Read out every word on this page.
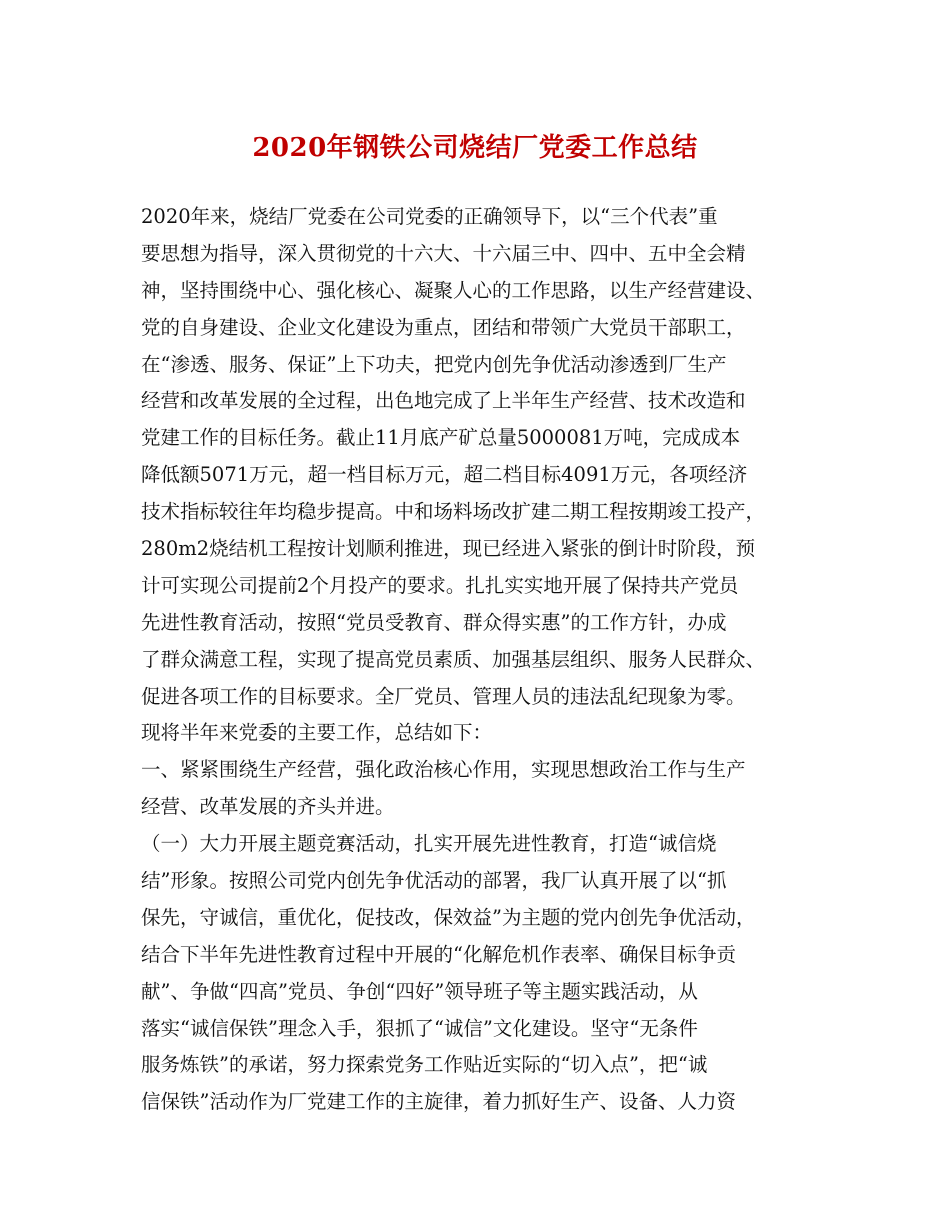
2020年钢铁公司烧结厂党委工作总结
2020年来，烧结厂党委在公司党委的正确领导下，以“三个代表”重
要思想为指导，深入贯彻党的十六大、十六届三中、四中、五中全会精
神，坚持围绕中心、强化核心、凝聚人心的工作思路，以生产经营建设、
党的自身建设、企业文化建设为重点，团结和带领广大党员干部职工，
在“渗透、服务、保证”上下功夫，把党内创先争优活动渗透到厂生产
经营和改革发展的全过程，出色地完成了上半年生产经营、技术改造和
党建工作的目标任务。截止11月底产矿总量5000081万吨，完成成本
降低额5071万元，超一档目标万元，超二档目标4091万元，各项经济
技术指标较往年均稳步提高。中和场料场改扩建二期工程按期竣工投产，
280m2烧结机工程按计划顺利推进，现已经进入紧张的倒计时阶段，预
计可实现公司提前2个月投产的要求。扎扎实实地开展了保持共产党员
先进性教育活动，按照“党员受教育、群众得实惠”的工作方针，办成
了群众满意工程，实现了提高党员素质、加强基层组织、服务人民群众、
促进各项工作的目标要求。全厂党员、管理人员的违法乱纪现象为零。
现将半年来党委的主要工作，总结如下：
一、紧紧围绕生产经营，强化政治核心作用，实现思想政治工作与生产
经营、改革发展的齐头并进。
（一）大力开展主题竞赛活动，扎实开展先进性教育，打造“诚信烧
结”形象。按照公司党内创先争优活动的部署，我厂认真开展了以“抓
保先，守诚信，重优化，促技改，保效益”为主题的党内创先争优活动，
结合下半年先进性教育过程中开展的“化解危机作表率、确保目标争贡
献”、争做“四高”党员、争创“四好”领导班子等主题实践活动，从
落实“诚信保铁”理念入手，狠抓了“诚信”文化建设。坚守“无条件
服务炼铁”的承诺，努力探索党务工作贴近实际的“切入点”，把“诚
信保铁”活动作为厂党建工作的主旋律，着力抓好生产、设备、人力资
